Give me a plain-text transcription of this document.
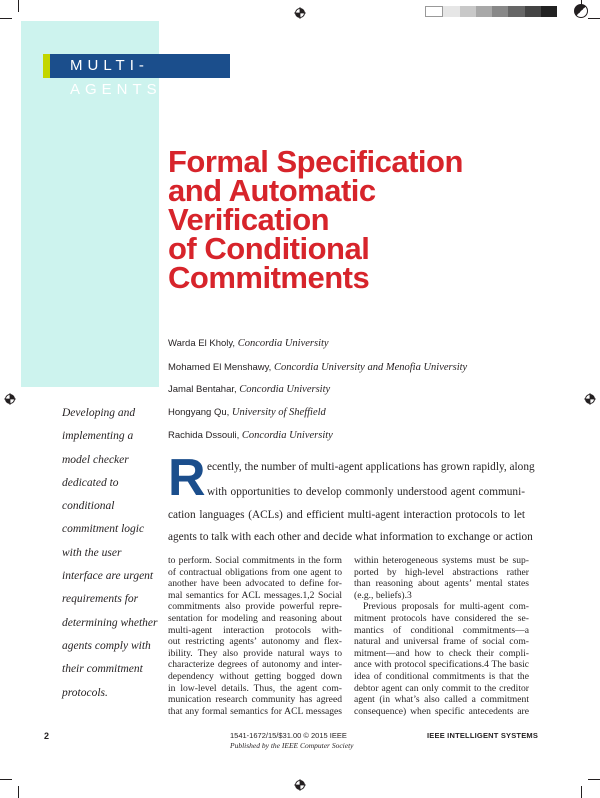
MULTI-AGENTS
Formal Specification
and Automatic
Verification
of Conditional
Commitments
Warda El Kholy, Concordia University
Mohamed El Menshawy, Concordia University and Menofia University
Jamal Bentahar, Concordia University
Hongyang Qu, University of Sheffield
Rachida Dssouli, Concordia University
Developing and
implementing a
model checker
dedicated to
conditional
commitment logic
with the user
interface are urgent
requirements for
determining whether
agents comply with
their commitment
protocols.
R ecently, the number of multi-agent applications has grown rapidly, along
with opportunities to develop commonly understood agent communi-
cation languages (ACLs) and efficient multi-agent interaction protocols to let
agents to talk with each other and decide what information to exchange or action
to perform. Social commitments in the form
of contractual obligations from one agent to
another have been advocated to define for-
mal semantics for ACL messages.1,2 Social
commitments also provide powerful repre-
sentation for modeling and reasoning about
multi-agent interaction protocols with-
out restricting agents’ autonomy and flex-
ibility. They also provide natural ways to
characterize degrees of autonomy and inter-
dependency without getting bogged down
in low-level details. Thus, the agent com-
munication research community has agreed
that any formal semantics for ACL messages
within heterogeneous systems must be sup-
ported by high-level abstractions rather
than reasoning about agents’ mental states
(e.g., beliefs).3
Previous proposals for multi-agent com-
mitment protocols have considered the se-
mantics of conditional commitments—a
natural and universal frame of social com-
mitment—and how to check their compli-
ance with protocol specifications.4 The basic
idea of conditional commitments is that the
debtor agent can only commit to the creditor
agent (in what’s also called a commitment
consequence) when specific antecedents are
2	1541-1672/15/$31.00 © 2015 IEEE
Published by the IEEE Computer Society
IEEE INTELLIGENT SYSTEMS
